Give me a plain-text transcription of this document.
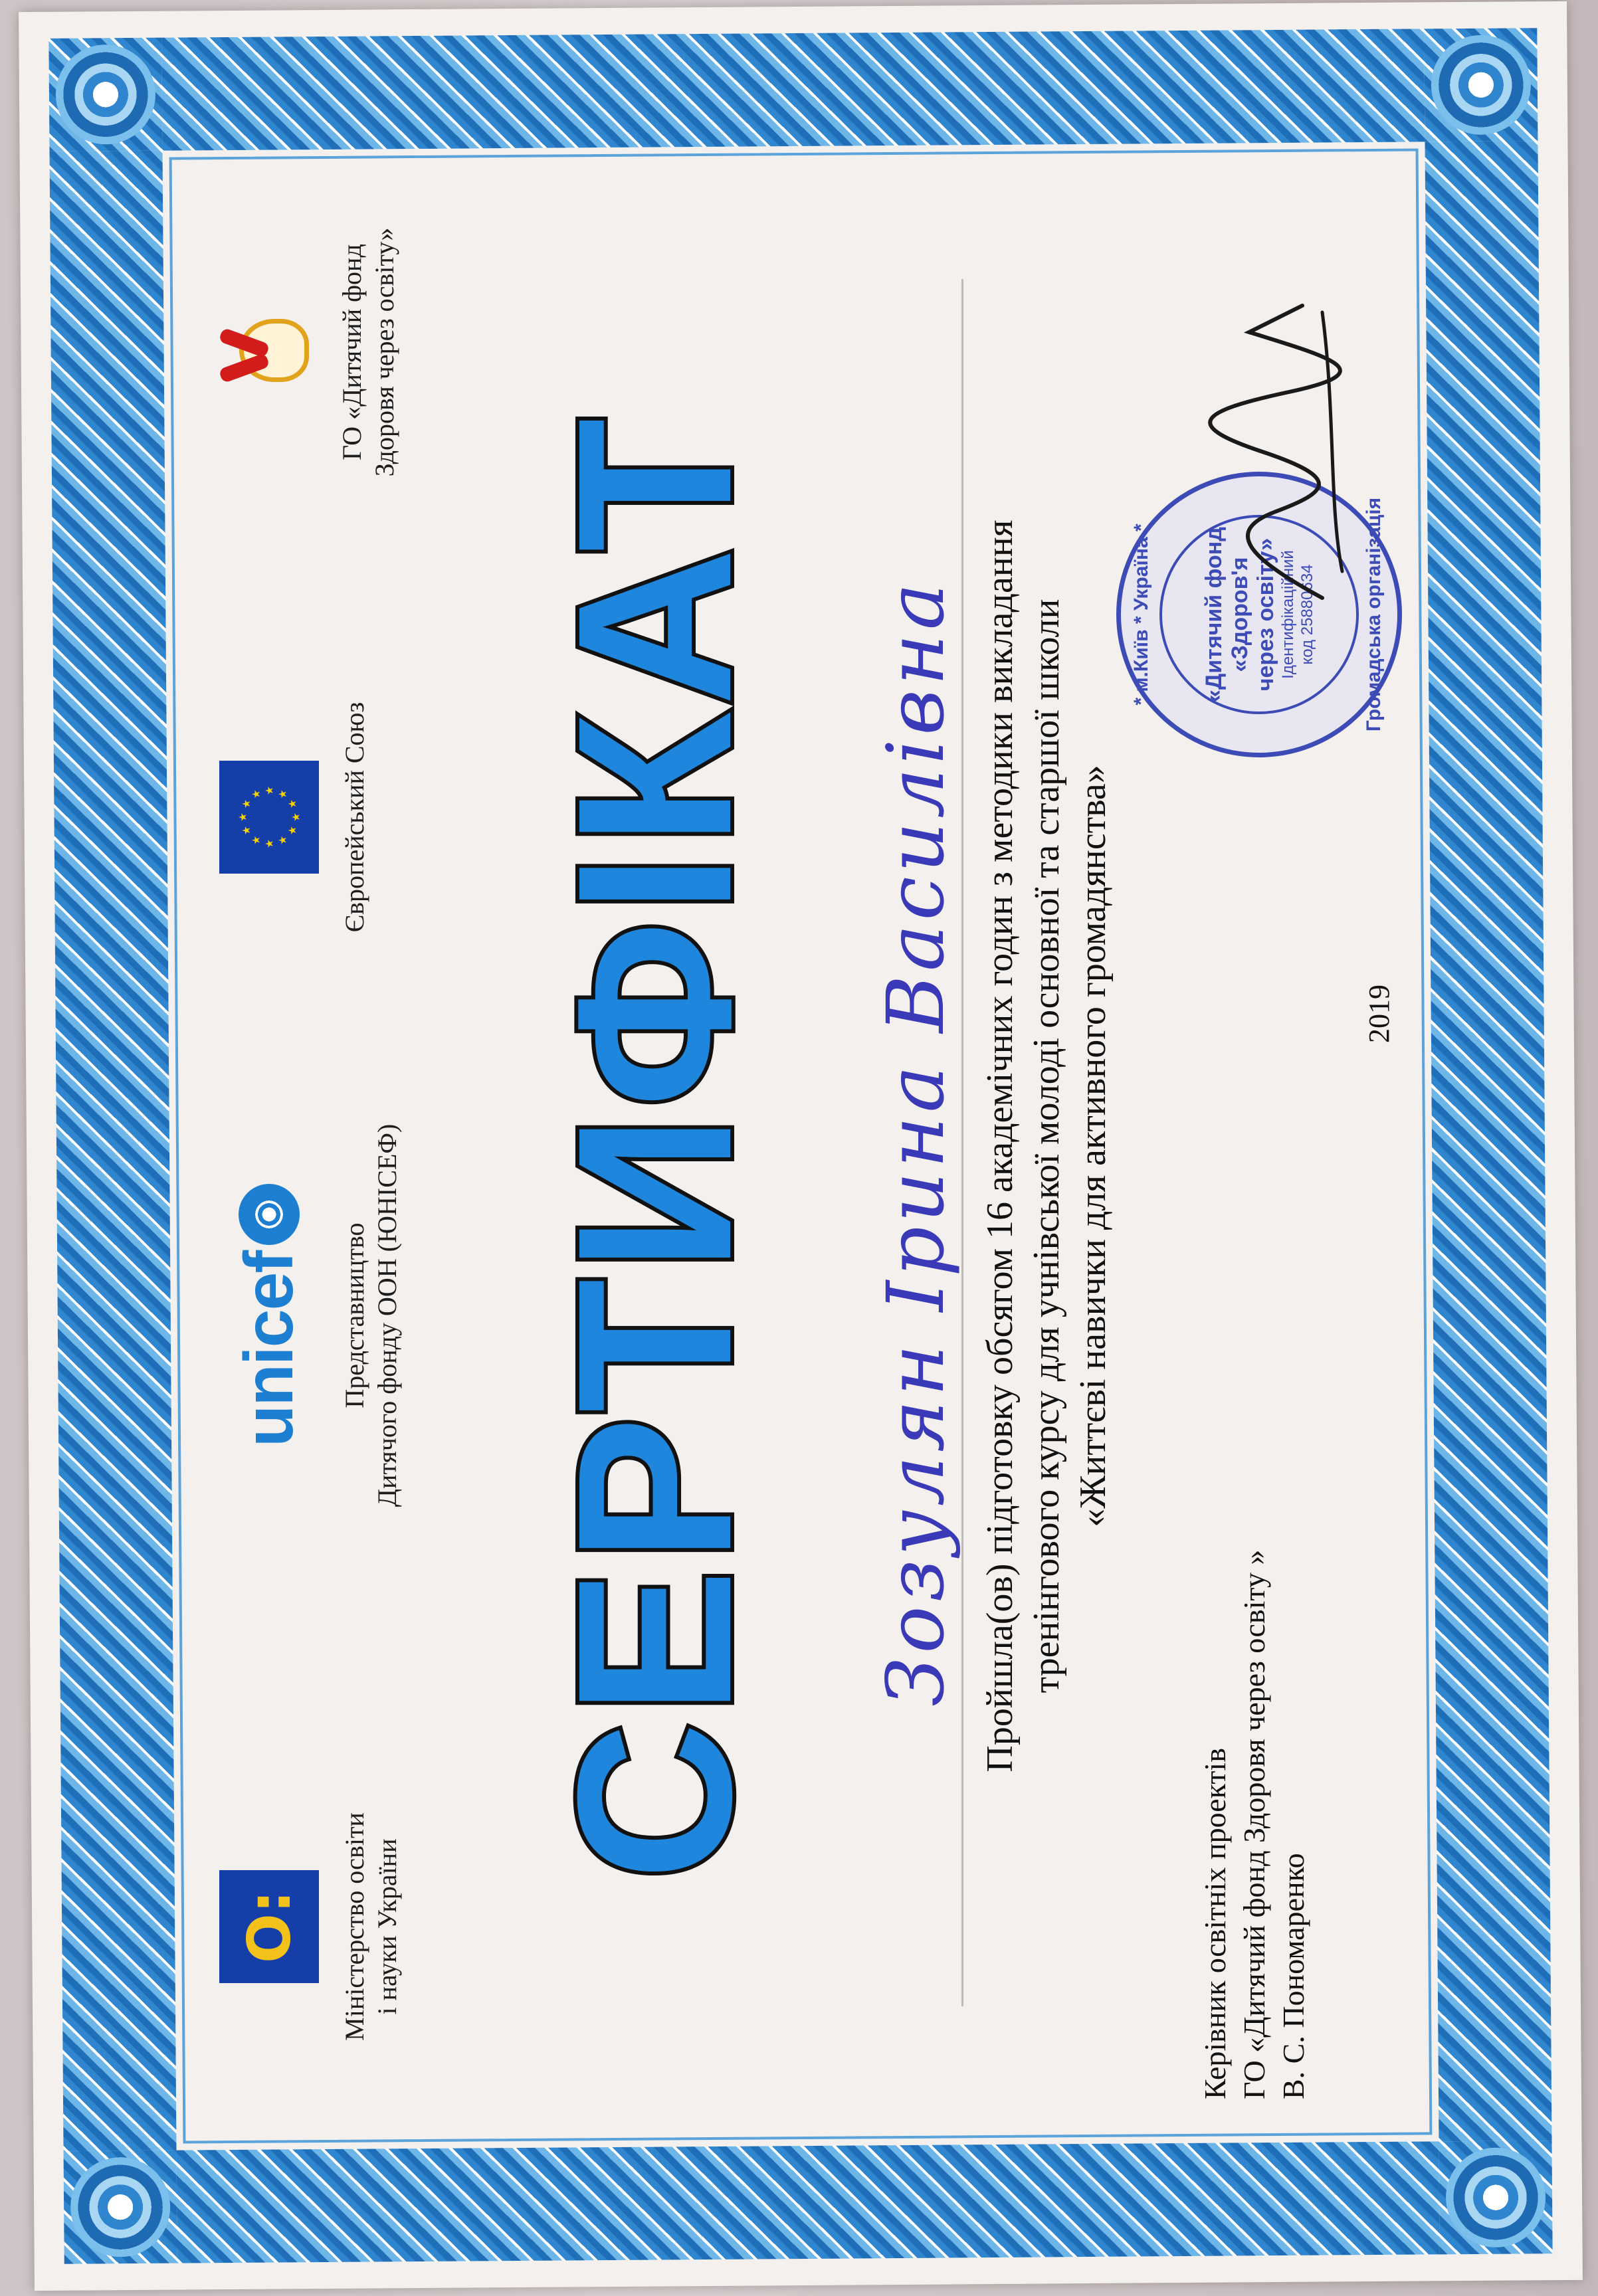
O: Міністерство освіти і науки України
unicef Представництво Дитячого фонду ООН (ЮНІСЕФ)
Європейський Союз
ГО «Дитячий фонд Здоровя через освіту»
СЕРТИФІКАТ Зозулян Ірина Василівна Пройшла(ов) підготовку обсягом 16 академічних годин з методики викладання тренінгового курсу для учнівської молоді основної та старшої школи «Життєві навички для активного громадянства»
Керівник освітніх проектів ГО «Дитячий фонд Здоровя через освіту » В. С. Пономаренко
2019
* м.Київ * Україна * «Дитячий фонд «Здоров'я через освіту» Ідентифікаційний код 25880634 Громадська організація
